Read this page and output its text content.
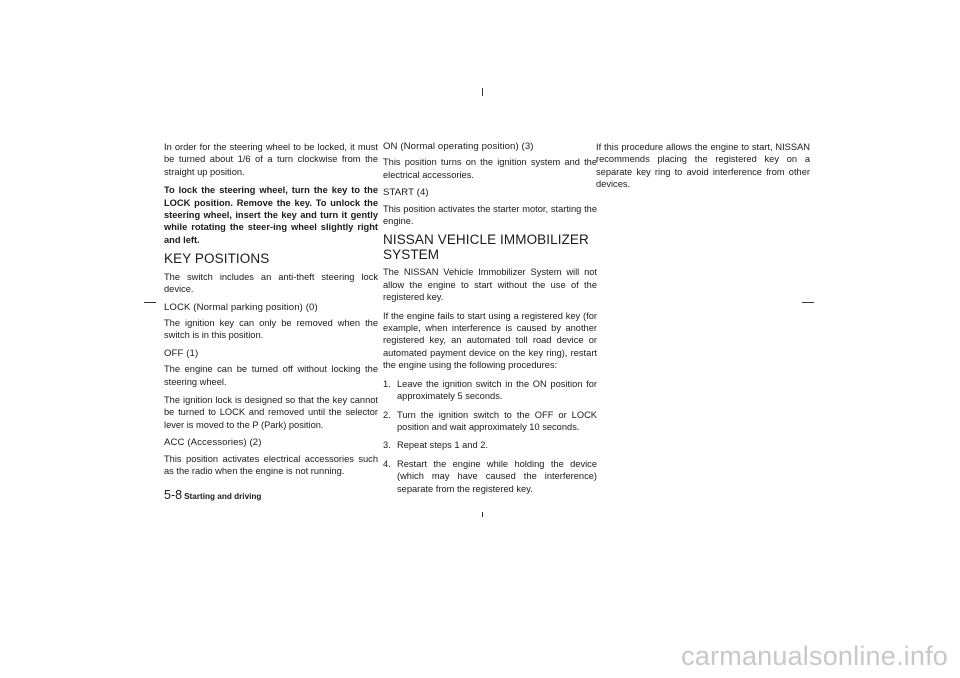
In order for the steering wheel to be locked, it must be turned about 1/6 of a turn clockwise from the straight up position.

To lock the steering wheel, turn the key to the LOCK position. Remove the key. To unlock the steering wheel, insert the key and turn it gently while rotating the steer-ing wheel slightly right and left.

KEY POSITIONS

The switch includes an anti-theft steering lock device.

LOCK (Normal parking position) (0)

The ignition key can only be removed when the switch is in this position.

OFF (1)

The engine can be turned off without locking the steering wheel.

The ignition lock is designed so that the key cannot be turned to LOCK and removed until the selector lever is moved to the P (Park) position.

ACC (Accessories) (2)

This position activates electrical accessories such as the radio when the engine is not running.

ON (Normal operating position) (3)

This position turns on the ignition system and the electrical accessories.

START (4)

This position activates the starter motor, starting the engine.

NISSAN VEHICLE IMMOBILIZER SYSTEM

The NISSAN Vehicle Immobilizer System will not allow the engine to start without the use of the registered key.

If the engine fails to start using a registered key (for example, when interference is caused by another registered key, an automated toll road device or automated payment device on the key ring), restart the engine using the following procedures:

1. Leave the ignition switch in the ON position for approximately 5 seconds.
2. Turn the ignition switch to the OFF or LOCK position and wait approximately 10 seconds.
3. Repeat steps 1 and 2.
4. Restart the engine while holding the device (which may have caused the interference) separate from the registered key.

If this procedure allows the engine to start, NISSAN recommends placing the registered key on a separate key ring to avoid interference from other devices.

5-8 Starting and driving
carmanualsonline.info
